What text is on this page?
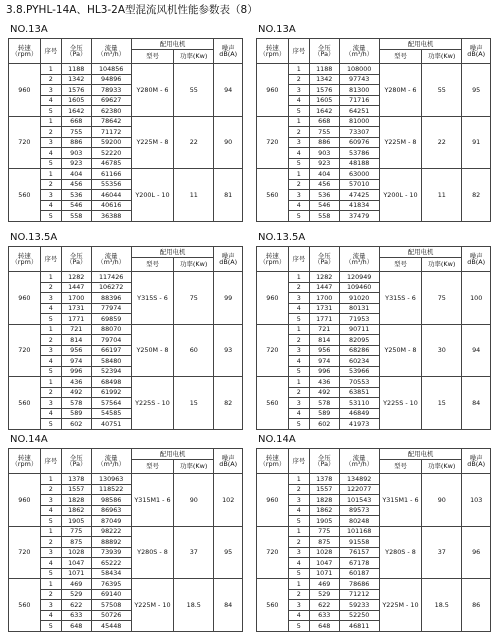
3.8.PYHL-14A、HL3-2A型混流风机性能参数表（8）
NO.13A
转速
（rpm）	序号	全压
（Pa）	流量
（m³/h）	配用电机		噪声
dB(A)
				型号	功率(Kw)	
960	1	1188	104856	Y280M - 6	55	94
	2	1342	94896			
	3	1576	78933			
	4	1605	69627			
	5	1642	62380			
720	1	668	78642	Y225M - 8	22	90
	2	755	71172			
	3	886	59200			
	4	903	52220			
	5	923	46785			
560	1	404	61166	Y200L - 10	11	81
	2	456	55356			
	3	536	46044			
	4	546	40616			
	5	558	36388			
NO.13A
转速
（rpm）	序号	全压
（Pa）	流量
（m³/h）	配用电机		噪声
dB(A)
				型号	功率(Kw)	
960	1	1188	108000	Y280M - 6	55	95
	2	1342	97743			
	3	1576	81300			
	4	1605	71716			
	5	1642	64251			
720	1	668	81000	Y225M - 8	22	91
	2	755	73307			
	3	886	60976			
	4	903	53786			
	5	923	48188			
560	1	404	63000	Y200L - 10	11	82
	2	456	57010			
	3	536	47425			
	4	546	41834			
	5	558	37479			
NO.13.5A
转速
（rpm）	序号	全压
（Pa）	流量
（m³/h）	配用电机		噪声
dB(A)
				型号	功率(Kw)	
960	1	1282	117426	Y315S - 6	75	99
	2	1447	106272			
	3	1700	88396			
	4	1731	77974			
	5	1771	69859			
720	1	721	88070	Y250M - 8	60	93
	2	814	79704			
	3	956	66197			
	4	974	58480			
	5	996	52394			
560	1	436	68498	Y225S - 10	15	82
	2	492	61992			
	3	578	57564			
	4	589	54585			
	5	602	40751			
NO.13.5A
转速
（rpm）	序号	全压
（Pa）	流量
（m³/h）	配用电机		噪声
dB(A)
				型号	功率(Kw)	
960	1	1282	120949	Y315S - 6	75	100
	2	1447	109460			
	3	1700	91020			
	4	1731	80131			
	5	1771	71953			
720	1	721	90711	Y250M - 8	30	94
	2	814	82095			
	3	956	68286			
	4	974	60234			
	5	996	53966			
560	1	436	70553	Y225S - 10	15	84
	2	492	63851			
	3	578	53110			
	4	589	46849			
	5	602	41973			
NO.14A
转速
（rpm）	序号	全压
（Pa）	流量
（m³/h）	配用电机		噪声
dB(A)
				型号	功率(Kw)	
960	1	1378	130963	Y315M1 - 6	90	102
	2	1557	118522			
	3	1828	98586			
	4	1862	86963			
	5	1905	87049			
720	1	775	98222	Y280S - 8	37	95
	2	875	88892			
	3	1028	73939			
	4	1047	65222			
	5	1071	58434			
560	1	469	76395	Y225M - 10	18.5	84
	2	529	69140			
	3	622	57508			
	4	633	50726			
	5	648	45448			
NO.14A
转速
（rpm）	序号	全压
（Pa）	流量
（m³/h）	配用电机		噪声
dB(A)
				型号	功率(Kw)	
960	1	1378	134892	Y315M1 - 6	90	103
	2	1557	122077			
	3	1828	101543			
	4	1862	89573			
	5	1905	80248			
720	1	775	101168	Y280S - 8	37	96
	2	875	91558			
	3	1028	76157			
	4	1047	67178			
	5	1071	60187			
560	1	469	78686	Y225M - 10	18.5	86
	2	529	71212			
	3	622	59233			
	4	633	52250			
	5	648	46811			
